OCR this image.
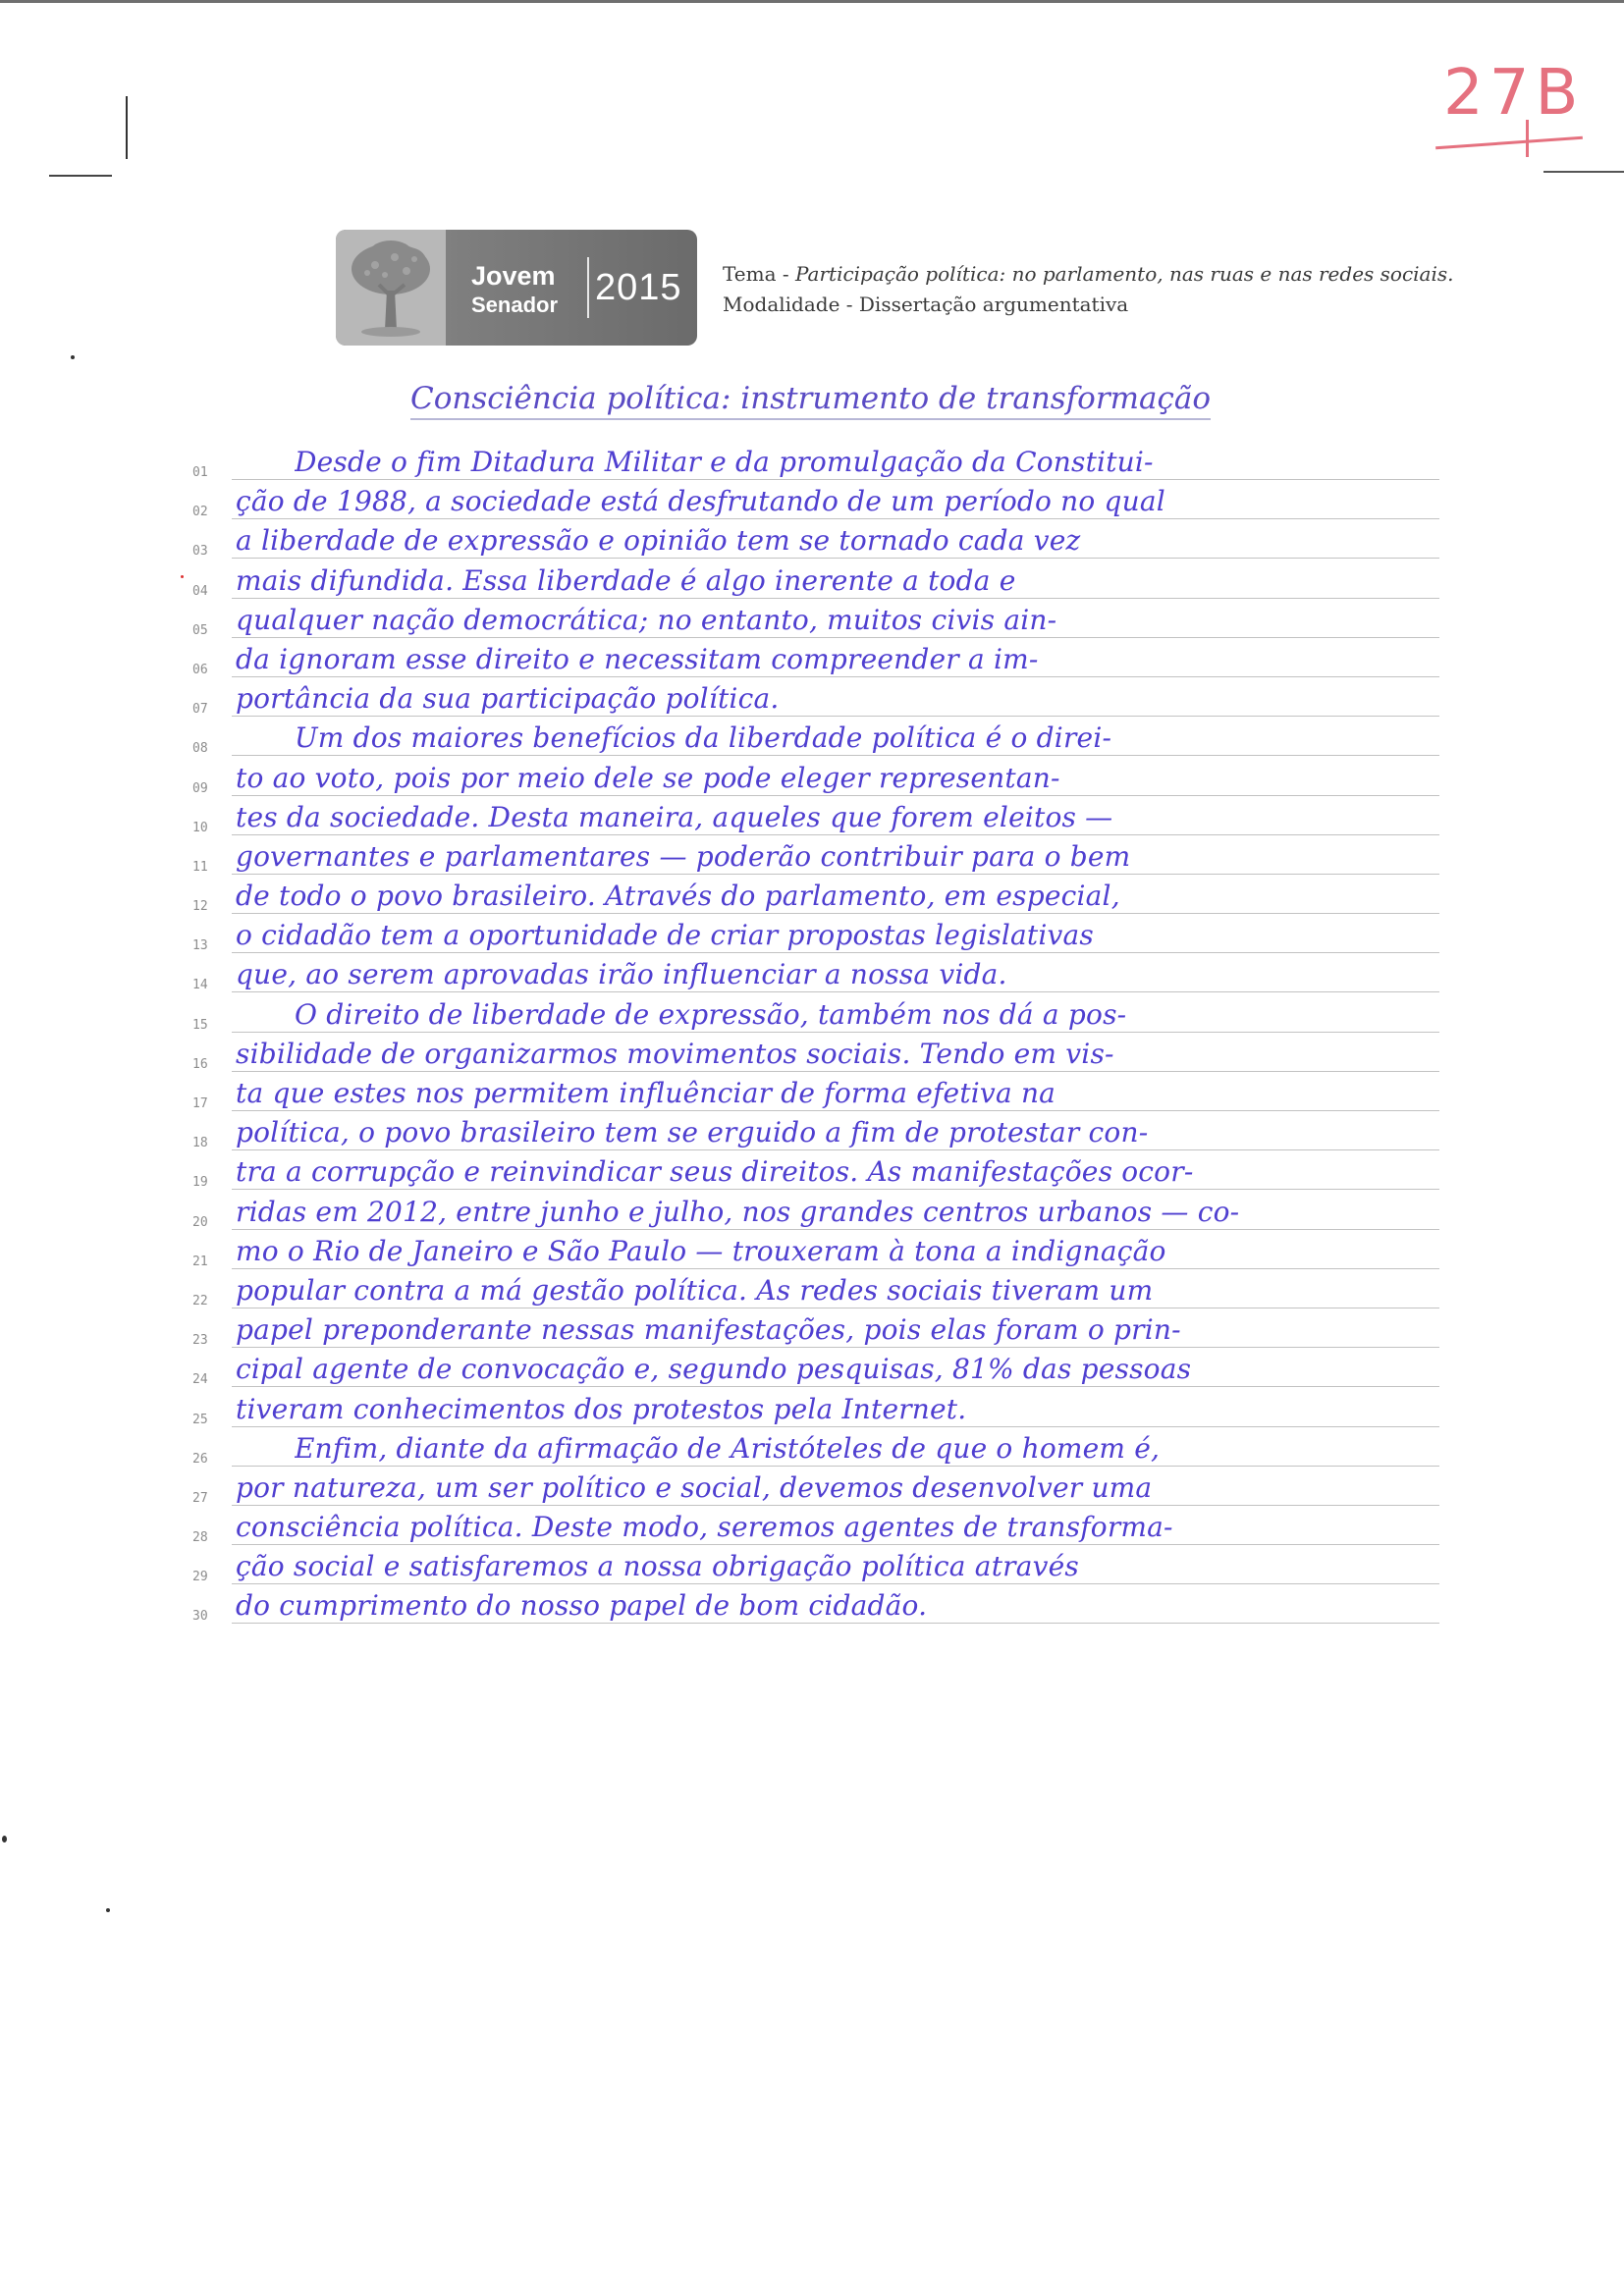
27B
Jovem
Senador 2015 Tema - Participação política: no parlamento, nas ruas e nas redes sociais.
Modalidade - Dissertação argumentativa
Consciência política: instrumento de transformação
01	Desde o fim Ditadura Militar e da promulgação da Constitui-
02	ção de 1988, a sociedade está desfrutando de um período no qual
03	a liberdade de expressão e opinião tem se tornado cada vez
04	mais difundida. Essa liberdade é algo inerente a toda e
05	qualquer nação democrática; no entanto, muitos civis ain-
06	da ignoram esse direito e necessitam compreender a im-
07	portância da sua participação política.
08	Um dos maiores benefícios da liberdade política é o direi-
09	to ao voto, pois por meio dele se pode eleger representan-
10	tes da sociedade. Desta maneira, aqueles que forem eleitos —
11	governantes e parlamentares — poderão contribuir para o bem
12	de todo o povo brasileiro. Através do parlamento, em especial,
13	o cidadão tem a oportunidade de criar propostas legislativas
14	que, ao serem aprovadas irão influenciar a nossa vida.
15	O direito de liberdade de expressão, também nos dá a pos-
16	sibilidade de organizarmos movimentos sociais. Tendo em vis-
17	ta que estes nos permitem influênciar de forma efetiva na
18	política, o povo brasileiro tem se erguido a fim de protestar con-
19	tra a corrupção e reinvindicar seus direitos. As manifestações ocor-
20	ridas em 2012, entre junho e julho, nos grandes centros urbanos — co-
21	mo o Rio de Janeiro e São Paulo — trouxeram à tona a indignação
22	popular contra a má gestão política. As redes sociais tiveram um
23	papel preponderante nessas manifestações, pois elas foram o prin-
24	cipal agente de convocação e, segundo pesquisas, 81% das pessoas
25	tiveram conhecimentos dos protestos pela Internet.
26	Enfim, diante da afirmação de Aristóteles de que o homem é,
27	por natureza, um ser político e social, devemos desenvolver uma
28	consciência política. Deste modo, seremos agentes de transforma-
29	ção social e satisfaremos a nossa obrigação política através
30	do cumprimento do nosso papel de bom cidadão.
